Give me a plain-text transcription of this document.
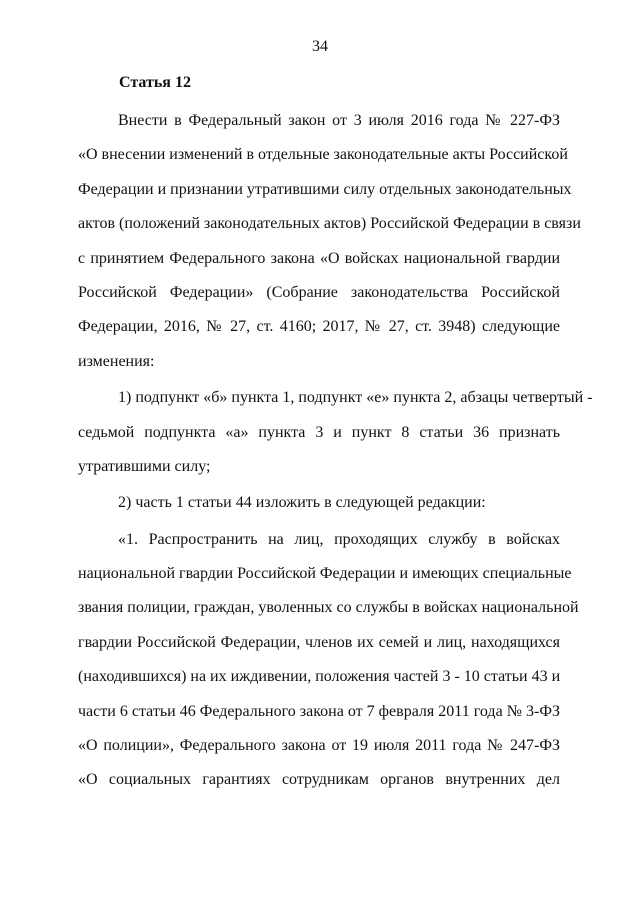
34
Статья 12

Внести в Федеральный закон от 3 июля 2016 года № 227-ФЗ
«О внесении изменений в отдельные законодательные акты Российской
Федерации и признании утратившими силу отдельных законодательных
актов (положений законодательных актов) Российской Федерации в связи
с принятием Федерального закона «О войсках национальной гвардии
Российской Федерации» (Собрание законодательства Российской
Федерации, 2016, № 27, ст. 4160; 2017, № 27, ст. 3948) следующие
изменения:

1) подпункт «б» пункта 1, подпункт «е» пункта 2, абзацы четвертый -
седьмой подпункта «а» пункта 3 и пункт 8 статьи 36 признать
утратившими силу;

2) часть 1 статьи 44 изложить в следующей редакции:

«1. Распространить на лиц, проходящих службу в войсках
национальной гвардии Российской Федерации и имеющих специальные
звания полиции, граждан, уволенных со службы в войсках национальной
гвардии Российской Федерации, членов их семей и лиц, находящихся
(находившихся) на их иждивении, положения частей 3 - 10 статьи 43 и
части 6 статьи 46 Федерального закона от 7 февраля 2011 года № 3-ФЗ
«О полиции», Федерального закона от 19 июля 2011 года № 247-ФЗ
«О социальных гарантиях сотрудникам органов внутренних дел
